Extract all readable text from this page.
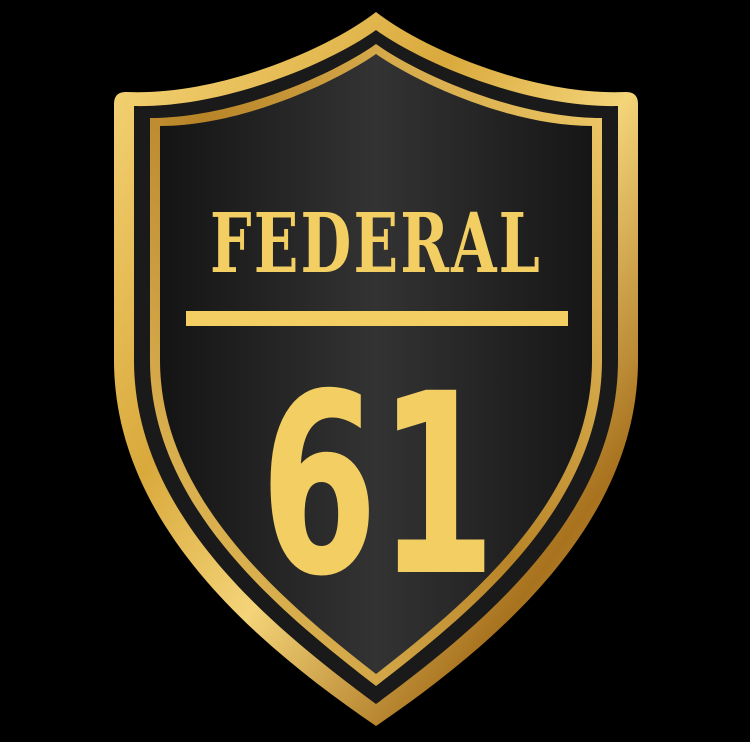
FEDERAL
61
